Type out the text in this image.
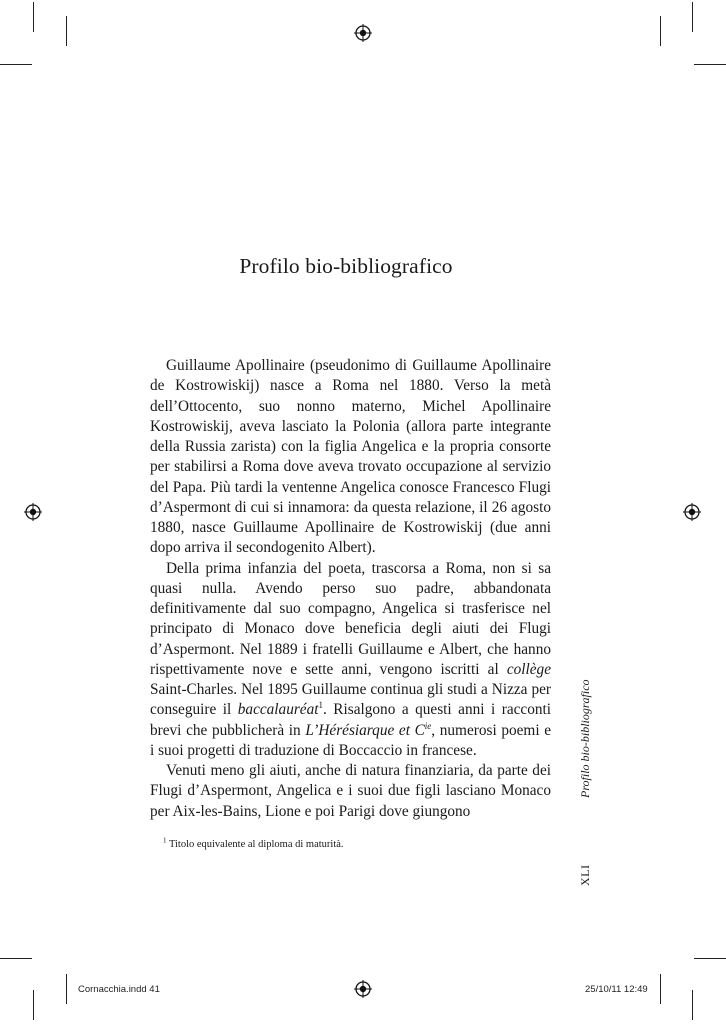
Profilo bio-bibliografico

Guillaume Apollinaire (pseudonimo di Guillaume Apollinaire de Kostrowiskij) nasce a Roma nel 1880. Verso la metà dell’Ottocento, suo nonno materno, Michel Apollinaire Kostrowiskij, aveva lasciato la Polonia (allora parte integrante della Russia zarista) con la figlia Angelica e la propria consorte per stabilirsi a Roma dove aveva trovato occupazione al servizio del Papa. Più tardi la ventenne Angelica conosce Francesco Flugi d’Aspermont di cui si innamora: da questa relazione, il 26 agosto 1880, nasce Guillaume Apollinaire de Kostrowiskij (due anni dopo arriva il secondogenito Albert).

Della prima infanzia del poeta, trascorsa a Roma, non si sa quasi nulla. Avendo perso suo padre, abbandonata definitivamente dal suo compagno, Angelica si trasferisce nel principato di Monaco dove beneficia degli aiuti dei Flugi d’Aspermont. Nel 1889 i fratelli Guillaume e Albert, che hanno rispettivamente nove e sette anni, vengono iscritti al collège Saint-Charles. Nel 1895 Guillaume continua gli studi a Nizza per conseguire il baccalauréat$^1$. Risalgono a questi anni i racconti brevi che pubblicherà in L’Hérésiarque et $C^{ie}$, numerosi poemi e i suoi progetti di traduzione di Boccaccio in francese.

Venuti meno gli aiuti, anche di natura finanziaria, da parte dei Flugi d’Aspermont, Angelica e i suoi due figli lasciano Monaco per Aix-les-Bains, Lione e poi Parigi dove giungono

$^1$ Titolo equivalente al diploma di maturità.
Profilo bio-bibliografico
XLI
Cornacchia.indd 41	25/10/11 12:49
